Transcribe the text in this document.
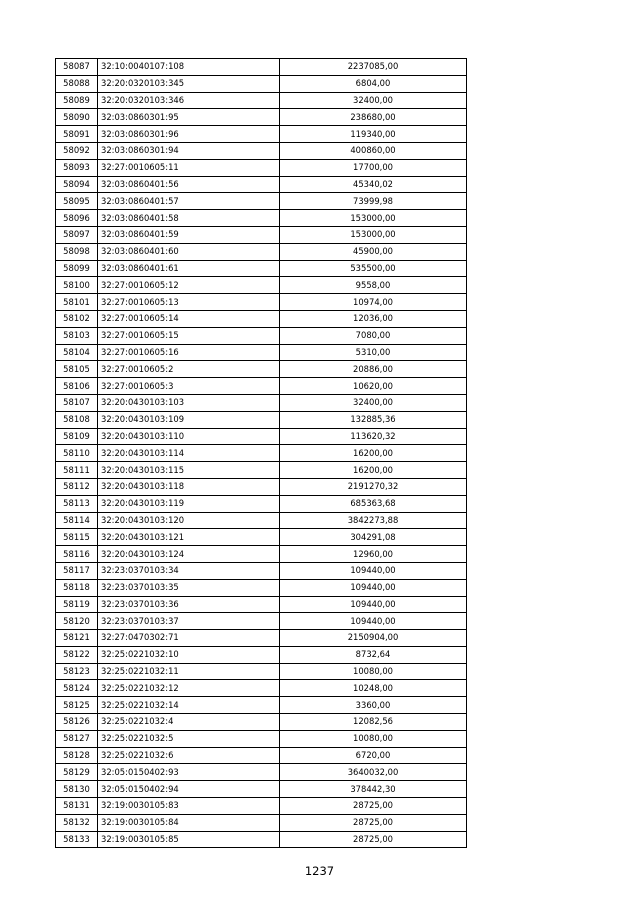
58087	32:10:0040107:108	2237085,00
58088	32:20:0320103:345	6804,00
58089	32:20:0320103:346	32400,00
58090	32:03:0860301:95	238680,00
58091	32:03:0860301:96	119340,00
58092	32:03:0860301:94	400860,00
58093	32:27:0010605:11	17700,00
58094	32:03:0860401:56	45340,02
58095	32:03:0860401:57	73999,98
58096	32:03:0860401:58	153000,00
58097	32:03:0860401:59	153000,00
58098	32:03:0860401:60	45900,00
58099	32:03:0860401:61	535500,00
58100	32:27:0010605:12	9558,00
58101	32:27:0010605:13	10974,00
58102	32:27:0010605:14	12036,00
58103	32:27:0010605:15	7080,00
58104	32:27:0010605:16	5310,00
58105	32:27:0010605:2	20886,00
58106	32:27:0010605:3	10620,00
58107	32:20:0430103:103	32400,00
58108	32:20:0430103:109	132885,36
58109	32:20:0430103:110	113620,32
58110	32:20:0430103:114	16200,00
58111	32:20:0430103:115	16200,00
58112	32:20:0430103:118	2191270,32
58113	32:20:0430103:119	685363,68
58114	32:20:0430103:120	3842273,88
58115	32:20:0430103:121	304291,08
58116	32:20:0430103:124	12960,00
58117	32:23:0370103:34	109440,00
58118	32:23:0370103:35	109440,00
58119	32:23:0370103:36	109440,00
58120	32:23:0370103:37	109440,00
58121	32:27:0470302:71	2150904,00
58122	32:25:0221032:10	8732,64
58123	32:25:0221032:11	10080,00
58124	32:25:0221032:12	10248,00
58125	32:25:0221032:14	3360,00
58126	32:25:0221032:4	12082,56
58127	32:25:0221032:5	10080,00
58128	32:25:0221032:6	6720,00
58129	32:05:0150402:93	3640032,00
58130	32:05:0150402:94	378442,30
58131	32:19:0030105:83	28725,00
58132	32:19:0030105:84	28725,00
58133	32:19:0030105:85	28725,00
1237
